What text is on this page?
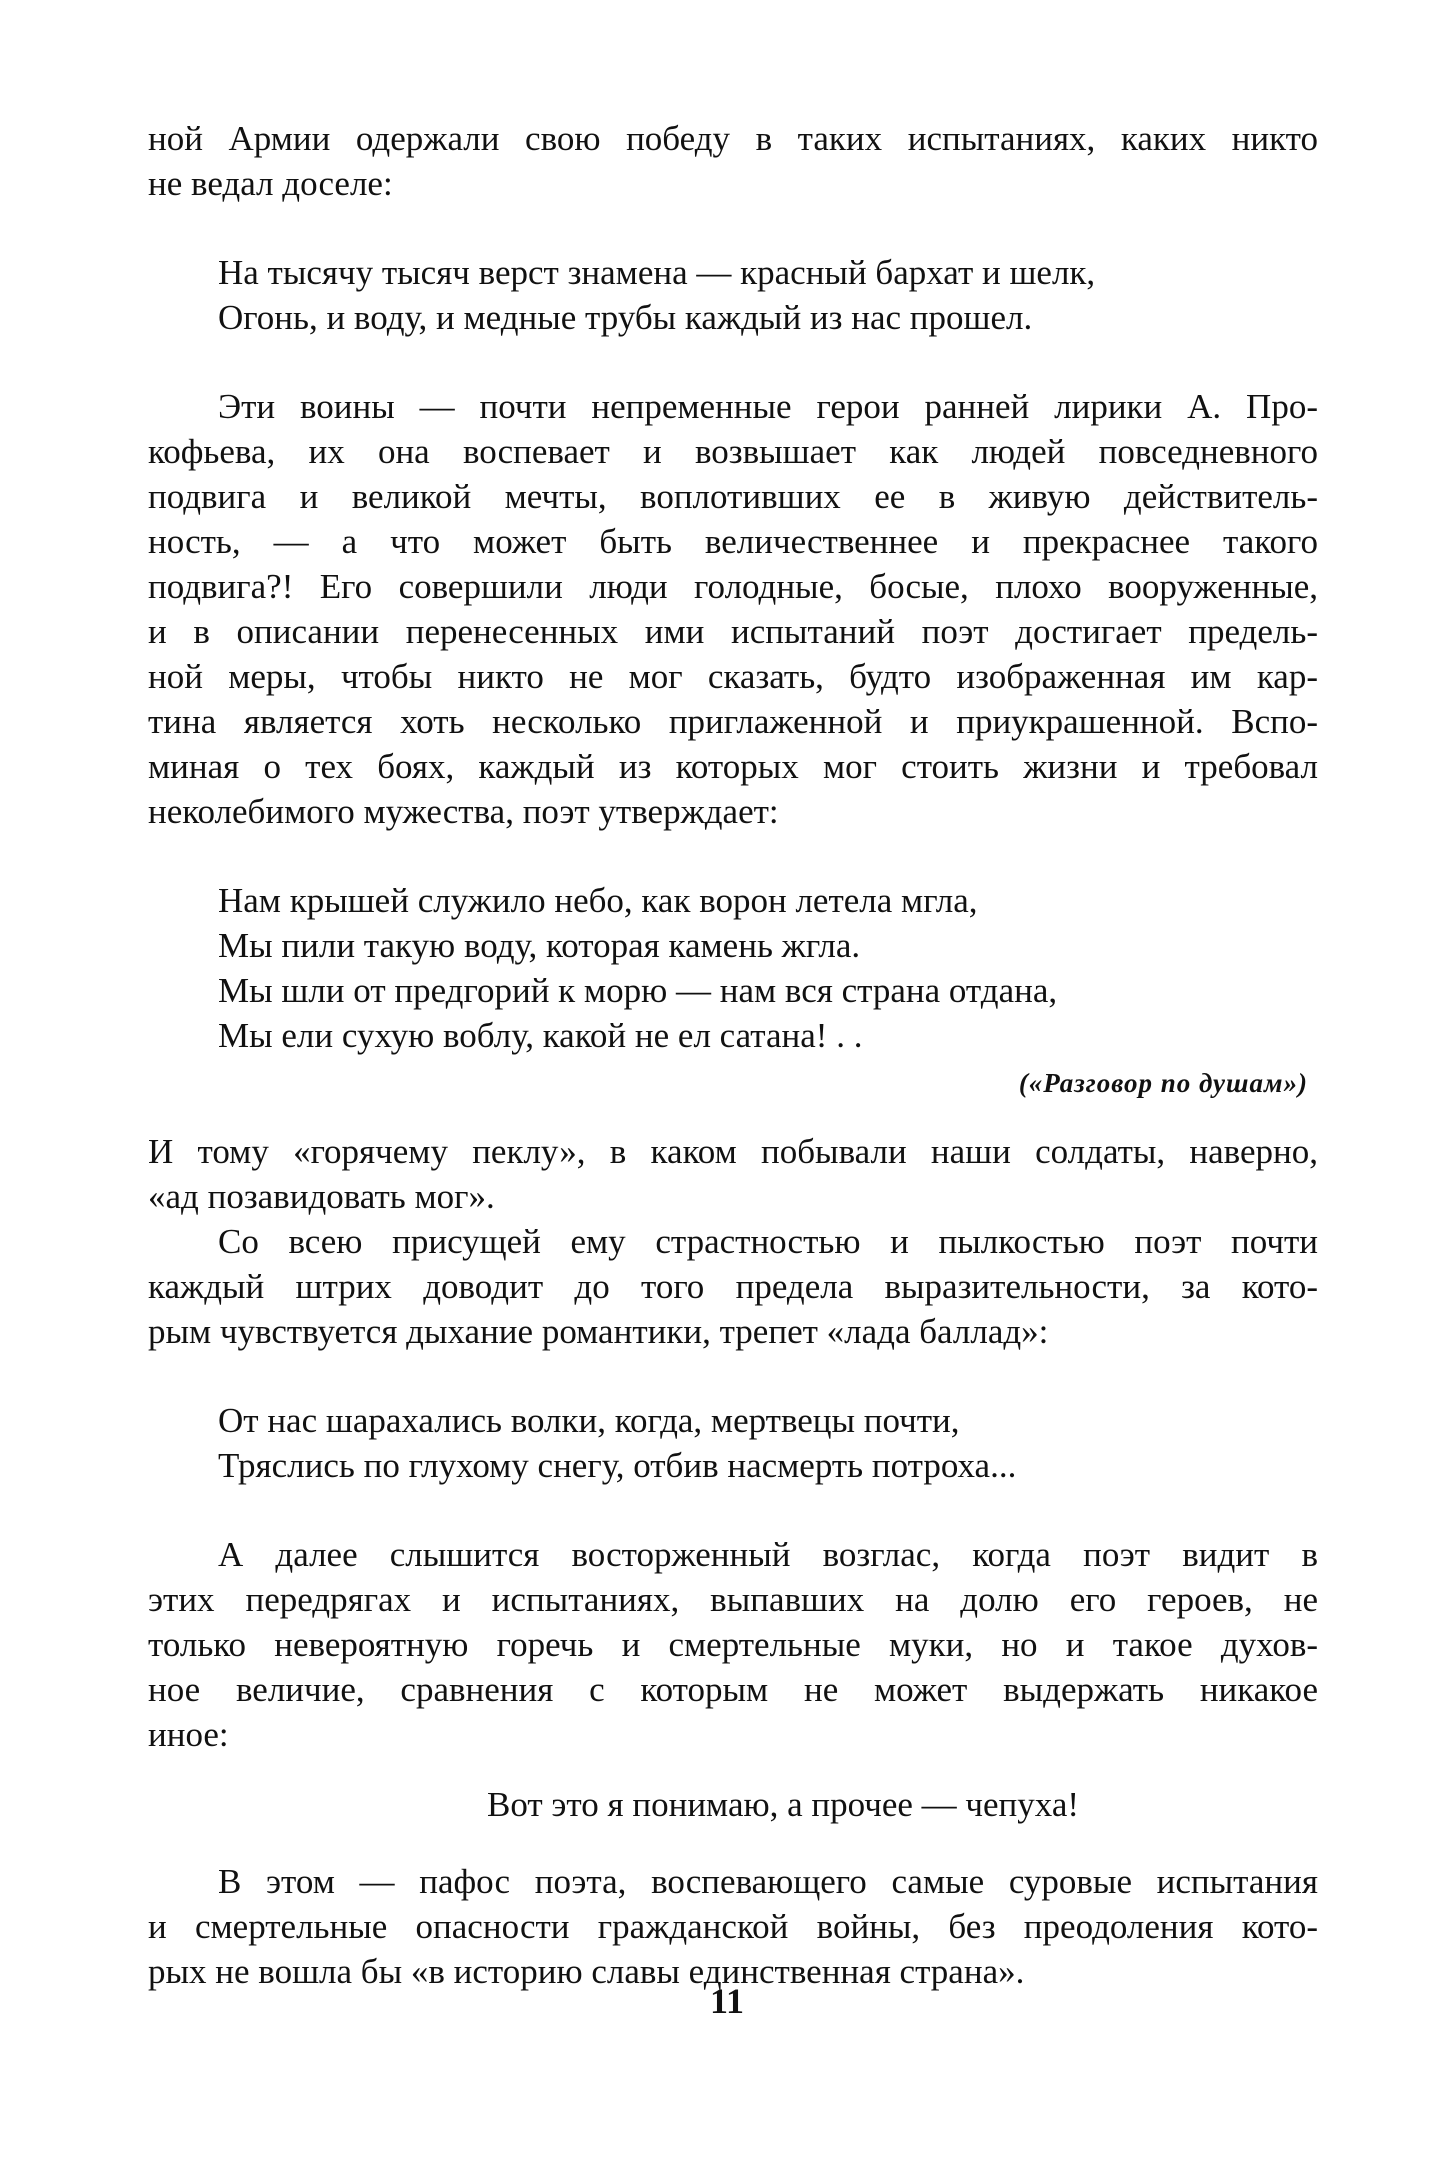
ной Армии одержали свою победу в таких испытаниях, каких никто
не ведал доселе:

На тысячу тысяч верст знамена — красный бархат и шелк,
Огонь, и воду, и медные трубы каждый из нас прошел.

Эти воины — почти непременные герои ранней лирики А. Про-
кофьева, их она воспевает и возвышает как людей повседневного
подвига и великой мечты, воплотивших ее в живую действитель-
ность, — а что может быть величественнее и прекраснее такого
подвига?! Его совершили люди голодные, босые, плохо вооруженные,
и в описании перенесенных ими испытаний поэт достигает предель-
ной меры, чтобы никто не мог сказать, будто изображенная им кар-
тина является хоть несколько приглаженной и приукрашенной. Вспо-
миная о тех боях, каждый из которых мог стоить жизни и требовал
неколебимого мужества, поэт утверждает:

Нам крышей служило небо, как ворон летела мгла,
Мы пили такую воду, которая камень жгла.
Мы шли от предгорий к морю — нам вся страна отдана,
Мы ели сухую воблу, какой не ел сатана! . .
(«Разговор по душам»)

И тому «горячему пеклу», в каком побывали наши солдаты, наверно,
«ад позавидовать мог».

Со всею присущей ему страстностью и пылкостью поэт почти
каждый штрих доводит до того предела выразительности, за кото-
рым чувствуется дыхание романтики, трепет «лада баллад»:

От нас шарахались волки, когда, мертвецы почти,
Тряслись по глухому снегу, отбив насмерть потроха...

А далее слышится восторженный возглас, когда поэт видит в
этих передрягах и испытаниях, выпавших на долю его героев, не
только невероятную горечь и смертельные муки, но и такое духов-
ное величие, сравнения с которым не может выдержать никакое
иное:

Вот это я понимаю, а прочее — чепуха!

В этом — пафос поэта, воспевающего самые суровые испытания
и смертельные опасности гражданской войны, без преодоления кото-
рых не вошла бы «в историю славы единственная страна».

11
